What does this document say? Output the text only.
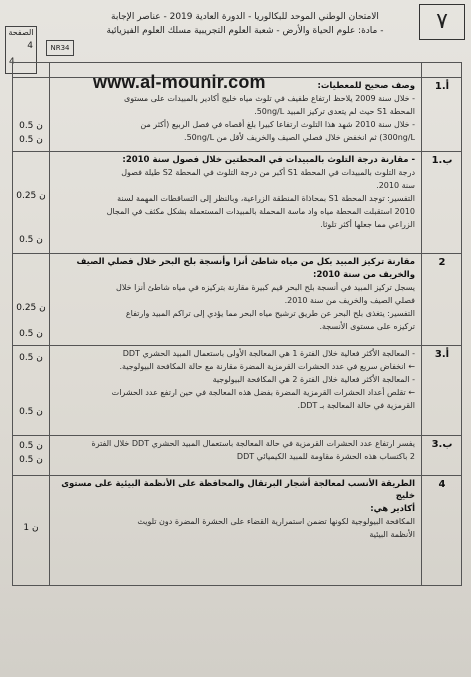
٧
الصفحة
4
4
NR34
الامتحان الوطني الموحد للبكالوريا - الدورة العادية 2019 - عناصر الإجابة
- مادة: علوم الحياة والأرض - شعبة العلوم التجريبية مسلك العلوم الفيزيائية
1.أ

وصف صحيح للمعطيات:

- خلال سنة 2009 يلاحظ ارتفاع طفيف في تلوث مياه خليج أكادير بالمبيدات على مستوى

المحطة S1 حيث لم يتعدى تركيز المبيد 50ng/L.

- خلال سنة 2010 شهد هذا التلوث ارتفاعا كبيرا بلغ أقصاه في فصل الربيع (أكثر من

300ng/L) ثم انخفض خلال فصلي الصيف والخريف لأقل من 50ng/L.

0.5 ن
0.5 ن
1.ب

- مقارنة درجة التلوث بالمبيدات في المحطتين خلال فصول سنة 2010:

درجة التلوث بالمبيدات في المحطة S1 أكبر من درجة التلوث في المحطة S2 طيلة فصول

سنة 2010.

التفسير: توجد المحطة S1 بمحاذاة المنطقة الزراعية، وبالنظر إلى التساقطات المهمة لسنة

2010 استقبلت المحطة مياه واد ماسة المحملة بالمبيدات المستعملة بشكل مكثف في المجال

الزراعي مما جعلها أكثر تلوثا.

0.25 ن
0.5 ن
2

مقارنة تركيز المبيد بكل من مياه شاطئ أنزا وأنسجة بلح البحر خلال فصلي الصيف

والخريف من سنة 2010:

يسجل تركيز المبيد في أنسجة بلح البحر قيم كبيرة مقارنة بتركيزه في مياه شاطئ أنزا خلال

فصلي الصيف والخريف من سنة 2010.

التفسير: يتغذى بلح البحر عن طريق ترشيح مياه البحر مما يؤدي إلى تراكم المبيد وارتفاع

تركيزه على مستوى الأنسجة.

0.25 ن
0.5 ن
3.أ

- المعالجة الأكثر فعالية خلال الفترة 1 هي المعالجة الأولى باستعمال المبيد الحشري DDT

← انخفاض سريع في عدد الحشرات القرمزية المضرة مقارنة مع حالة المكافحة البيولوجية.

- المعالجة الأكثر فعالية خلال الفترة 2 هي المكافحة البيولوجية

← تقلص أعداد الحشرات القرمزية المضرة بفضل هذه المعالجة في حين ارتفع عدد الحشرات

القرمزية في حالة المعالجة بـ DDT.

0.5 ن
0.5 ن
3.ب

يفسر ارتفاع عدد الحشرات القرمزية في حالة المعالجة باستعمال المبيد الحشري DDT خلال الفترة

2 باكتساب هذه الحشرة مقاومة للمبيد الكيميائي DDT

0.5 ن
0.5 ن
4

الطريقة الأنسب لمعالجة أشجار البرتقال والمحافظة على الأنظمة البيئية على مستوى خليج

أكادير هي:

المكافحة البيولوجية لكونها تضمن استمرارية القضاء على الحشرة المضرة دون تلويث

الأنظمة البيئية

1 ن
www.al-mounir.com
